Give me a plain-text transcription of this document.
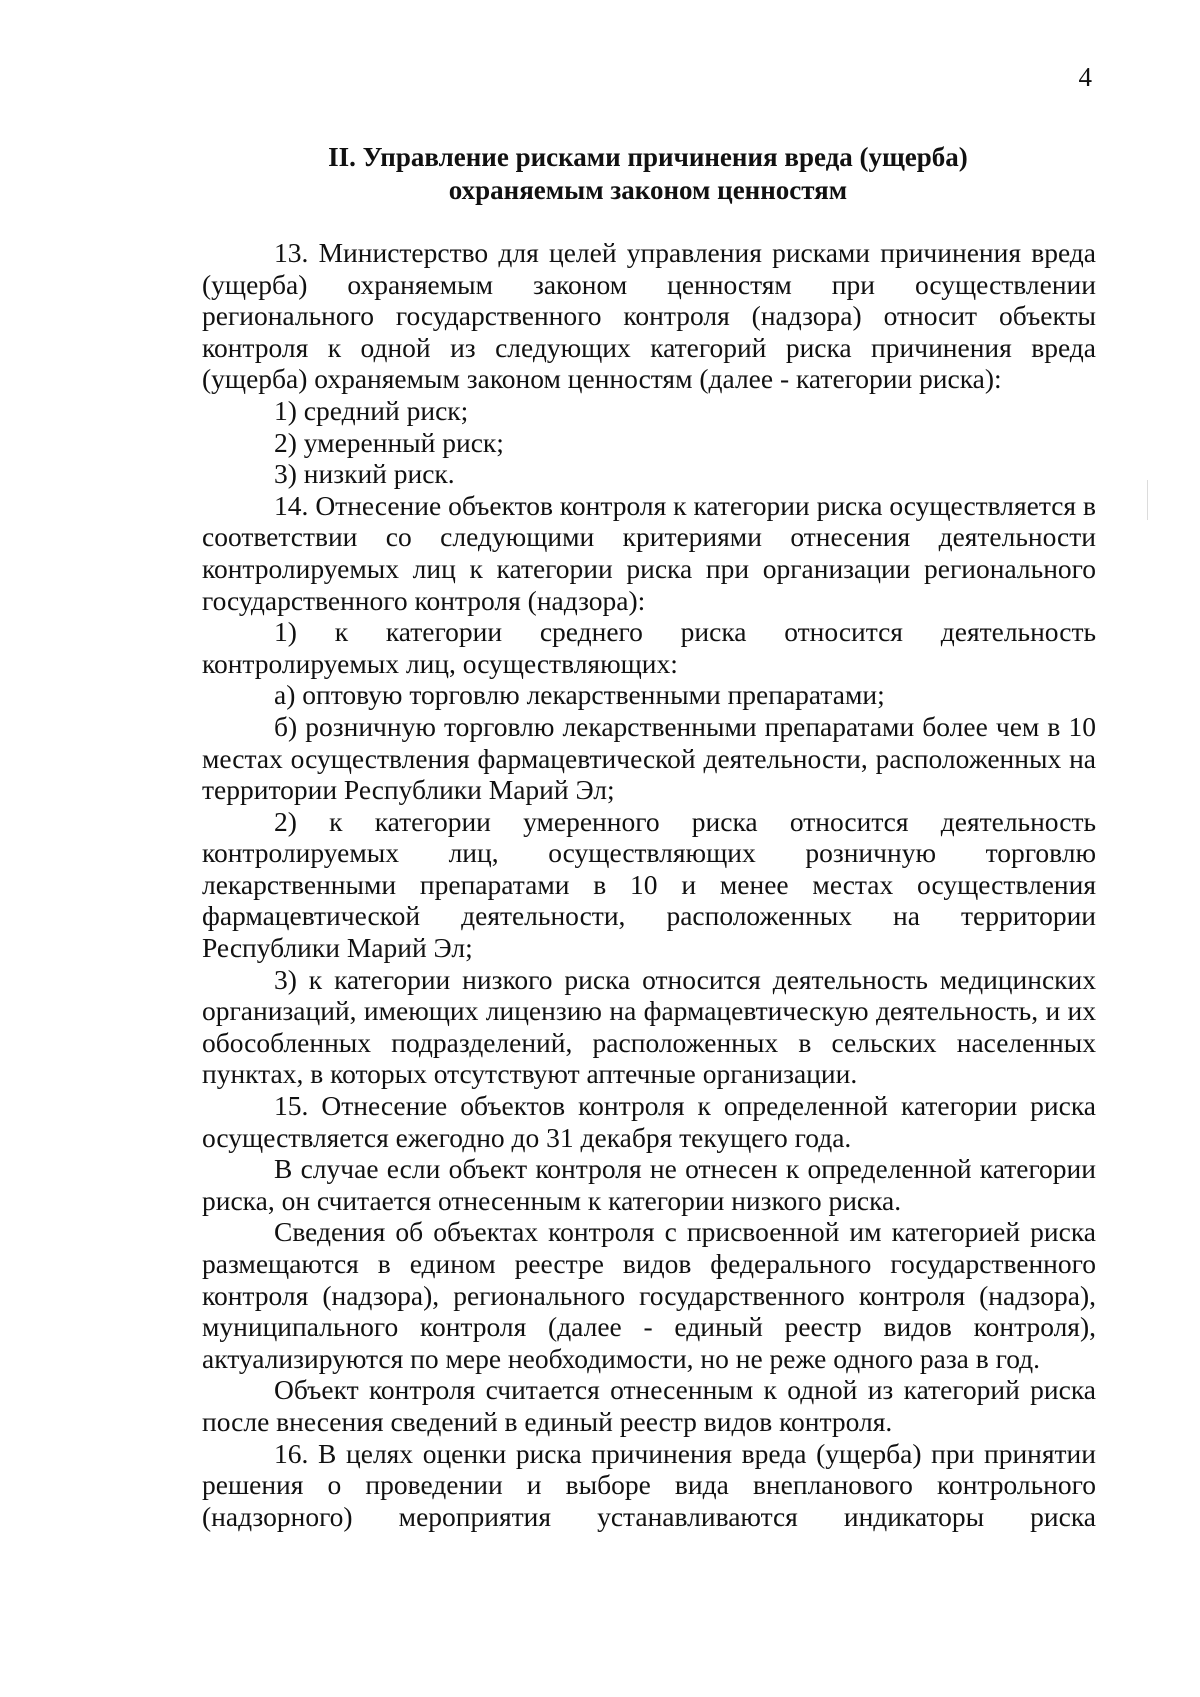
4
II. Управление рисками причинения вреда (ущерба)
охраняемым законом ценностям

13. Министерство для целей управления рисками причинения вреда (ущерба) охраняемым законом ценностям при осуществлении регионального государственного контроля (надзора) относит объекты контроля к одной из следующих категорий риска причинения вреда (ущерба) охраняемым законом ценностям (далее - категории риска):

1) средний риск;

2) умеренный риск;

3) низкий риск.

14. Отнесение объектов контроля к категории риска осуществляется в соответствии со следующими критериями отнесения деятельности контролируемых лиц к категории риска при организации регионального государственного контроля (надзора):

1) к категории среднего риска относится деятельность контролируемых лиц, осуществляющих:

а) оптовую торговлю лекарственными препаратами;

б) розничную торговлю лекарственными препаратами более чем в 10 местах осуществления фармацевтической деятельности, расположенных на территории Республики Марий Эл;

2) к категории умеренного риска относится деятельность контролируемых лиц, осуществляющих розничную торговлю лекарственными препаратами в 10 и менее местах осуществления фармацевтической деятельности, расположенных на территории Республики Марий Эл;

3) к категории низкого риска относится деятельность медицинских организаций, имеющих лицензию на фармацевтическую деятельность, и их обособленных подразделений, расположенных в сельских населенных пунктах, в которых отсутствуют аптечные организации.

15. Отнесение объектов контроля к определенной категории риска осуществляется ежегодно до 31 декабря текущего года.

В случае если объект контроля не отнесен к определенной категории риска, он считается отнесенным к категории низкого риска.

Сведения об объектах контроля с присвоенной им категорией риска размещаются в едином реестре видов федерального государственного контроля (надзора), регионального государственного контроля (надзора), муниципального контроля (далее - единый реестр видов контроля), актуализируются по мере необходимости, но не реже одного раза в год.

Объект контроля считается отнесенным к одной из категорий риска после внесения сведений в единый реестр видов контроля.

16. В целях оценки риска причинения вреда (ущерба) при принятии решения о проведении и выборе вида внепланового контрольного (надзорного) мероприятия устанавливаются индикаторы риска
